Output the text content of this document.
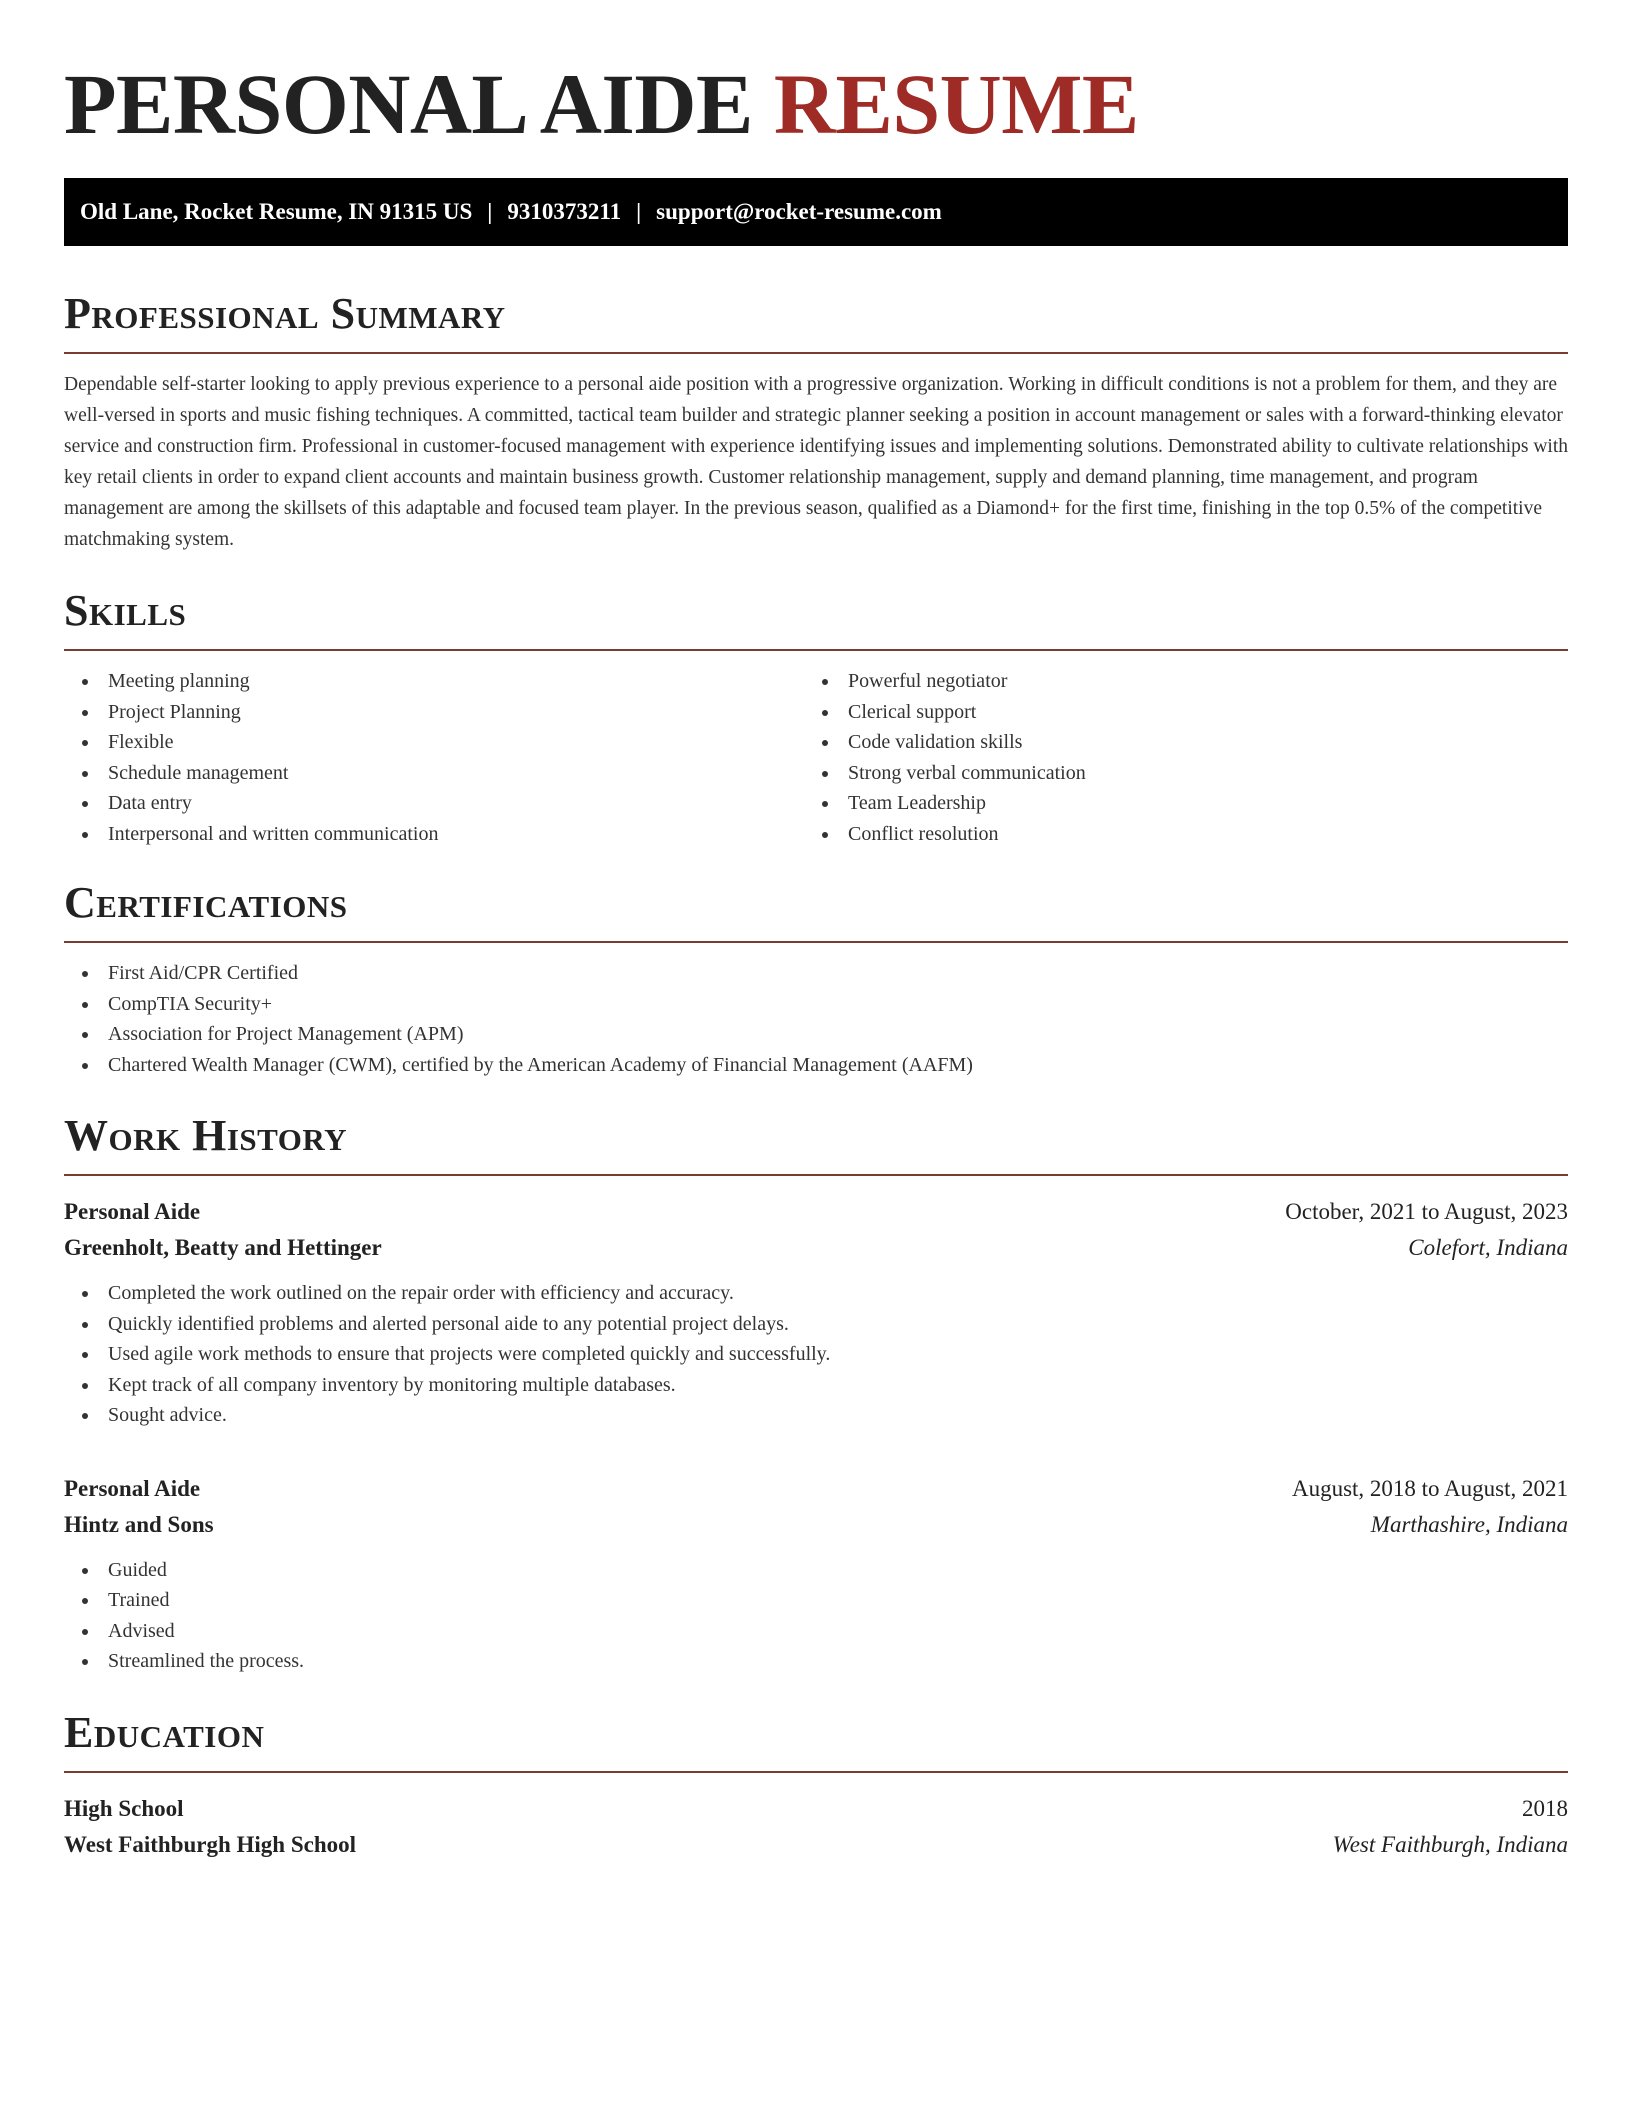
PERSONAL AIDE RESUME
Old Lane, Rocket Resume, IN 91315 US | 9310373211 | support@rocket-resume.com
Professional Summary

Dependable self-starter looking to apply previous experience to a personal aide position with a progressive organization. Working in difficult conditions is not a problem for them, and they are well-versed in sports and music fishing techniques. A committed, tactical team builder and strategic planner seeking a position in account management or sales with a forward-thinking elevator service and construction firm. Professional in customer-focused management with experience identifying issues and implementing solutions. Demonstrated ability to cultivate relationships with key retail clients in order to expand client accounts and maintain business growth. Customer relationship management, supply and demand planning, time management, and program management are among the skillsets of this adaptable and focused team player. In the previous season, qualified as a Diamond+ for the first time, finishing in the top 0.5% of the competitive matchmaking system.

Skills
Meeting planning
Project Planning
Flexible
Schedule management
Data entry
Interpersonal and written communication
Powerful negotiator
Clerical support
Code validation skills
Strong verbal communication
Team Leadership
Conflict resolution
Certifications
First Aid/CPR Certified
CompTIA Security+
Association for Project Management (APM)
Chartered Wealth Manager (CWM), certified by the American Academy of Financial Management (AAFM)
Work History
Personal Aide	October, 2021 to August, 2023
Greenholt, Beatty and Hettinger	Colefort, Indiana
Completed the work outlined on the repair order with efficiency and accuracy.
Quickly identified problems and alerted personal aide to any potential project delays.
Used agile work methods to ensure that projects were completed quickly and successfully.
Kept track of all company inventory by monitoring multiple databases.
Sought advice.
Personal Aide	August, 2018 to August, 2021
Hintz and Sons	Marthashire, Indiana
Guided
Trained
Advised
Streamlined the process.
Education
High School	2018
West Faithburgh High School	West Faithburgh, Indiana
